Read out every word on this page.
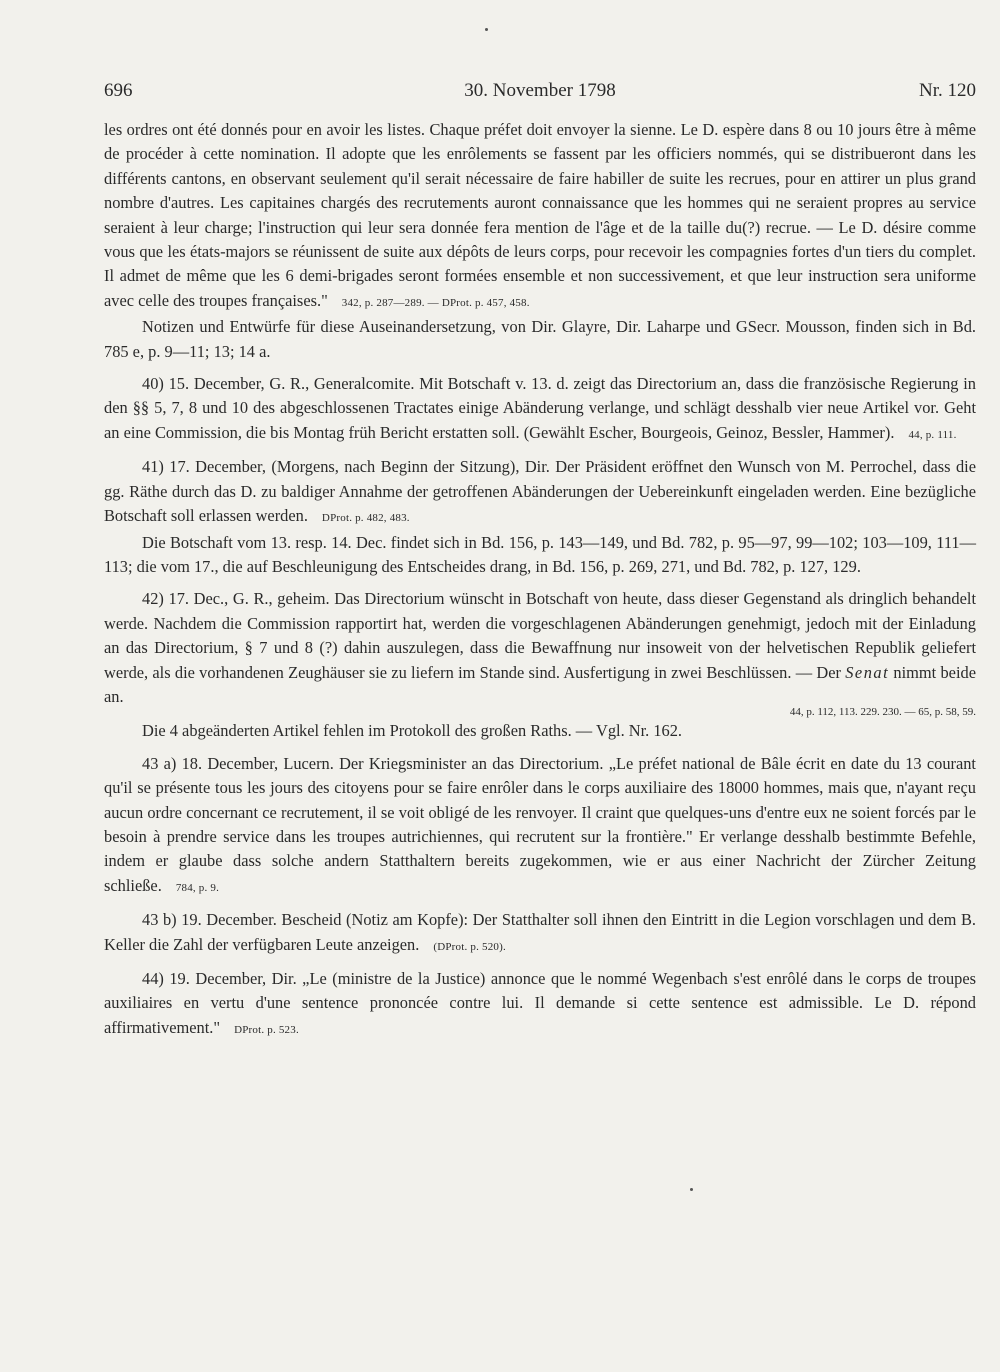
696	30. November 1798	Nr. 120

les ordres ont été donnés pour en avoir les listes. Chaque préfet doit envoyer la sienne. Le D. espère dans 8 ou 10 jours être à même de procéder à cette nomination. Il adopte que les enrôlements se fassent par les officiers nommés, qui se distribueront dans les différents cantons, en observant seulement qu'il serait nécessaire de faire habiller de suite les recrues, pour en attirer un plus grand nombre d'autres. Les capitaines chargés des recrutements auront connaissance que les hommes qui ne seraient propres au service seraient à leur charge; l'instruction qui leur sera donnée fera mention de l'âge et de la taille du(?) recrue. — Le D. désire comme vous que les états-majors se réunissent de suite aux dépôts de leurs corps, pour recevoir les compagnies fortes d'un tiers du complet. Il admet de même que les 6 demi-brigades seront formées ensemble et non successivement, et que leur instruction sera uniforme avec celle des troupes françaises." 342, p. 287—289. — DProt. p. 457, 458.

Notizen und Entwürfe für diese Auseinandersetzung, von Dir. Glayre, Dir. Laharpe und GSecr. Mousson, finden sich in Bd. 785 e, p. 9—11; 13; 14 a.

40) 15. December, G. R., Generalcomite. Mit Botschaft v. 13. d. zeigt das Directorium an, dass die französische Regierung in den §§ 5, 7, 8 und 10 des abgeschlossenen Tractates einige Abänderung verlange, und schlägt desshalb vier neue Artikel vor. Geht an eine Commission, die bis Montag früh Bericht erstatten soll. (Gewählt Escher, Bourgeois, Geinoz, Bessler, Hammer). 44, p. 111.

41) 17. December, (Morgens, nach Beginn der Sitzung), Dir. Der Präsident eröffnet den Wunsch von M. Perrochel, dass die gg. Räthe durch das D. zu baldiger Annahme der getroffenen Abänderungen der Uebereinkunft eingeladen werden. Eine bezügliche Botschaft soll erlassen werden. DProt. p. 482, 483.

Die Botschaft vom 13. resp. 14. Dec. findet sich in Bd. 156, p. 143—149, und Bd. 782, p. 95—97, 99—102; 103—109, 111—113; die vom 17., die auf Beschleunigung des Entscheides drang, in Bd. 156, p. 269, 271, und Bd. 782, p. 127, 129.

42) 17. Dec., G. R., geheim. Das Directorium wünscht in Botschaft von heute, dass dieser Gegenstand als dringlich behandelt werde. Nachdem die Commission rapportirt hat, werden die vorgeschlagenen Abänderungen genehmigt, jedoch mit der Einladung an das Directorium, § 7 und 8 (?) dahin auszulegen, dass die Bewaffnung nur insoweit von der helvetischen Republik geliefert werde, als die vorhandenen Zeughäuser sie zu liefern im Stande sind. Ausfertigung in zwei Beschlüssen. — Der Senat nimmt beide an.

44, p. 112, 113. 229. 230. — 65, p. 58, 59.

Die 4 abgeänderten Artikel fehlen im Protokoll des großen Raths. — Vgl. Nr. 162.

43 a) 18. December, Lucern. Der Kriegsminister an das Directorium. „Le préfet national de Bâle écrit en date du 13 courant qu'il se présente tous les jours des citoyens pour se faire enrôler dans le corps auxiliaire des 18000 hommes, mais que, n'ayant reçu aucun ordre concernant ce recrutement, il se voit obligé de les renvoyer. Il craint que quelques-uns d'entre eux ne soient forcés par le besoin à prendre service dans les troupes autrichiennes, qui recrutent sur la frontière." Er verlange desshalb bestimmte Befehle, indem er glaube dass solche andern Statthaltern bereits zugekommen, wie er aus einer Nachricht der Zürcher Zeitung schließe. 784, p. 9.

43 b) 19. December. Bescheid (Notiz am Kopfe): Der Statthalter soll ihnen den Eintritt in die Legion vorschlagen und dem B. Keller die Zahl der verfügbaren Leute anzeigen. (DProt. p. 520).

44) 19. December, Dir. „Le (ministre de la Justice) annonce que le nommé Wegenbach s'est enrôlé dans le corps de troupes auxiliaires en vertu d'une sentence prononcée contre lui. Il demande si cette sentence est admissible. Le D. répond affirmativement." DProt. p. 523.
